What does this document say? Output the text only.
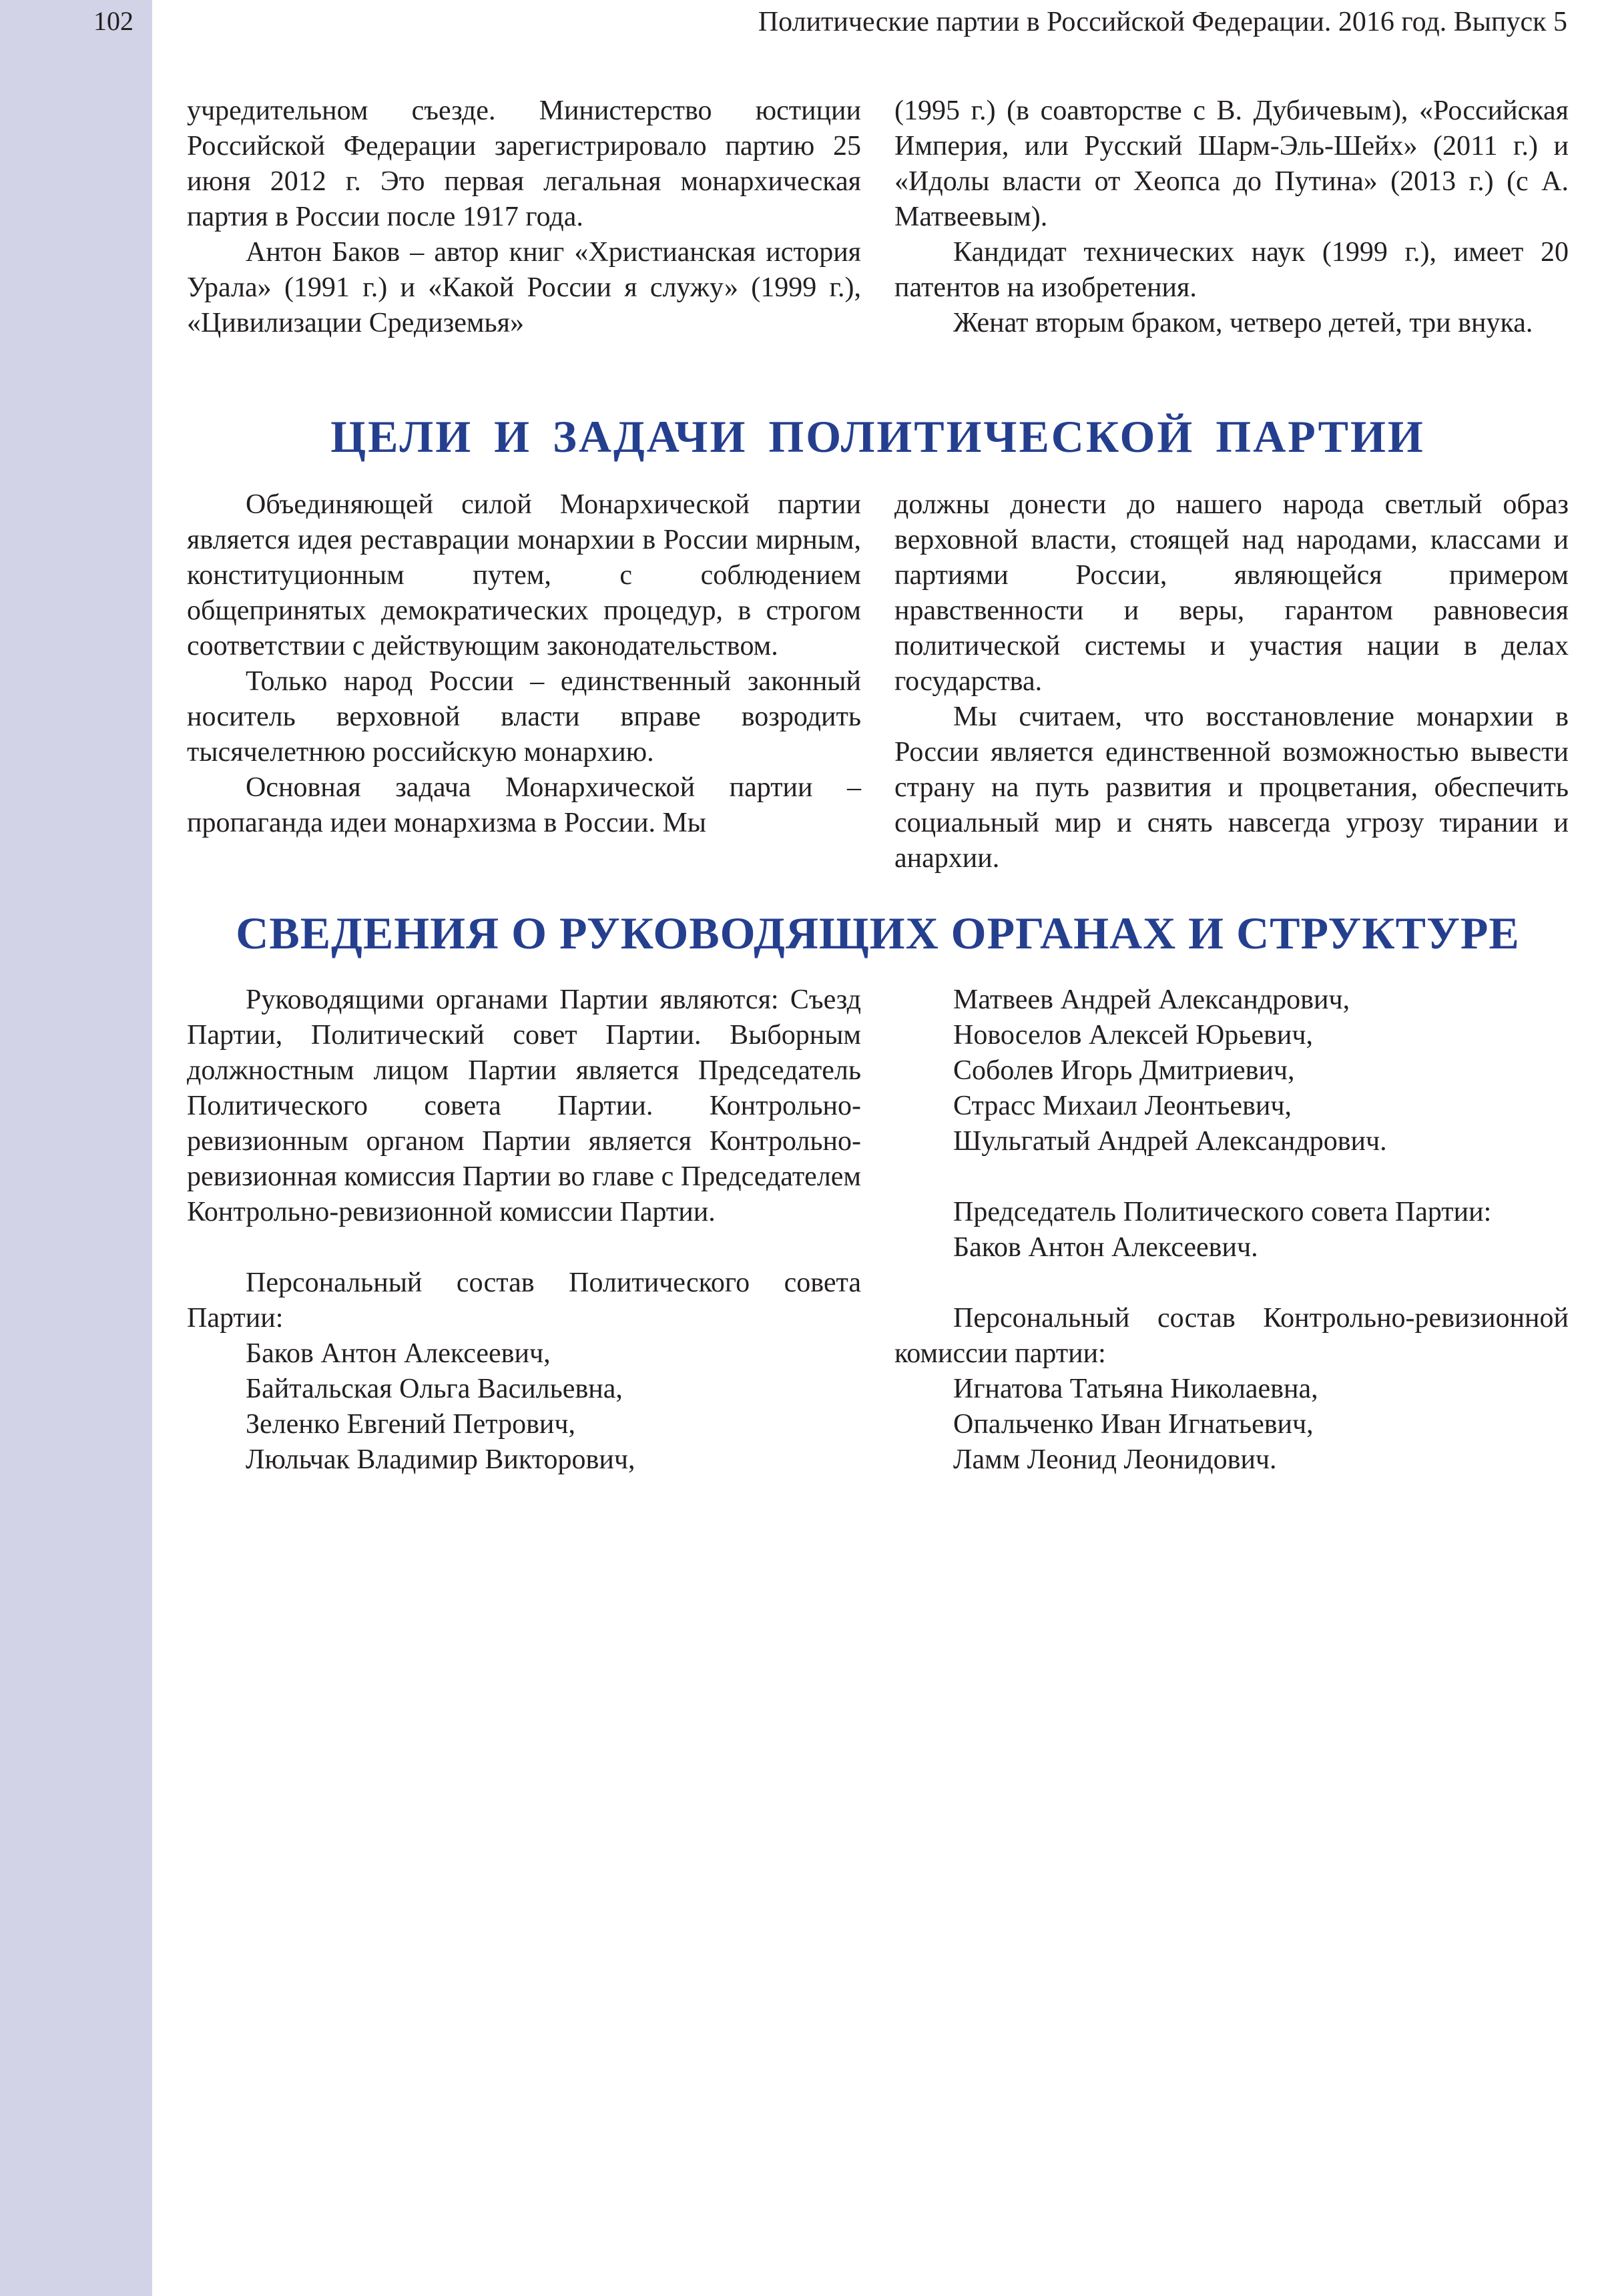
102	Политические партии в Российской Федерации. 2016 год. Выпуск 5

учредительном съезде. Министерство юстиции Российской Федерации зарегистрировало партию 25 июня 2012 г. Это первая легальная монархическая партия в России после 1917 года.

Антон Баков – автор книг «Христианская история Урала» (1991 г.) и «Какой России я служу» (1999 г.), «Цивилизации Средиземья»

(1995 г.) (в соавторстве с В. Дубичевым), «Российская Империя, или Русский Шарм-Эль-Шейх» (2011 г.) и «Идолы власти от Хеопса до Путина» (2013 г.) (с А. Матвеевым).

Кандидат технических наук (1999 г.), имеет 20 патентов на изобретения.

Женат вторым браком, четверо детей, три внука.

ЦЕЛИ И ЗАДАЧИ ПОЛИТИЧЕСКОЙ ПАРТИИ

Объединяющей силой Монархической партии является идея реставрации монархии в России мирным, конституционным путем, с соблюдением общепринятых демократических процедур, в строгом соответствии с действующим законодательством.

Только народ России – единственный законный носитель верховной власти вправе возродить тысячелетнюю российскую монархию.

Основная задача Монархической партии – пропаганда идеи монархизма в России. Мы

должны донести до нашего народа светлый образ верховной власти, стоящей над народами, классами и партиями России, являющейся примером нравственности и веры, гарантом равновесия политической системы и участия нации в делах государства.

Мы считаем, что восстановление монархии в России является единственной возможностью вывести страну на путь развития и процветания, обеспечить социальный мир и снять навсегда угрозу тирании и анархии.

СВЕДЕНИЯ О РУКОВОДЯЩИХ ОРГАНАХ И СТРУКТУРЕ

Руководящими органами Партии являются: Съезд Партии, Политический совет Партии. Выборным должностным лицом Партии является Председатель Политического совета Партии. Контрольно-ревизионным органом Партии является Контрольно-ревизионная комиссия Партии во главе с Председателем Контрольно-ревизионной комиссии Партии.

Персональный состав Политического совета Партии:

Баков Антон Алексеевич,

Байтальская Ольга Васильевна,

Зеленко Евгений Петрович,

Люльчак Владимир Викторович,

Матвеев Андрей Александрович,

Новоселов Алексей Юрьевич,

Соболев Игорь Дмитриевич,

Страсс Михаил Леонтьевич,

Шульгатый Андрей Александрович.

Председатель Политического совета Партии:

Баков Антон Алексеевич.

Персональный состав Контрольно-ревизионной комиссии партии:

Игнатова Татьяна Николаевна,

Опальченко Иван Игнатьевич,

Ламм Леонид Леонидович.
